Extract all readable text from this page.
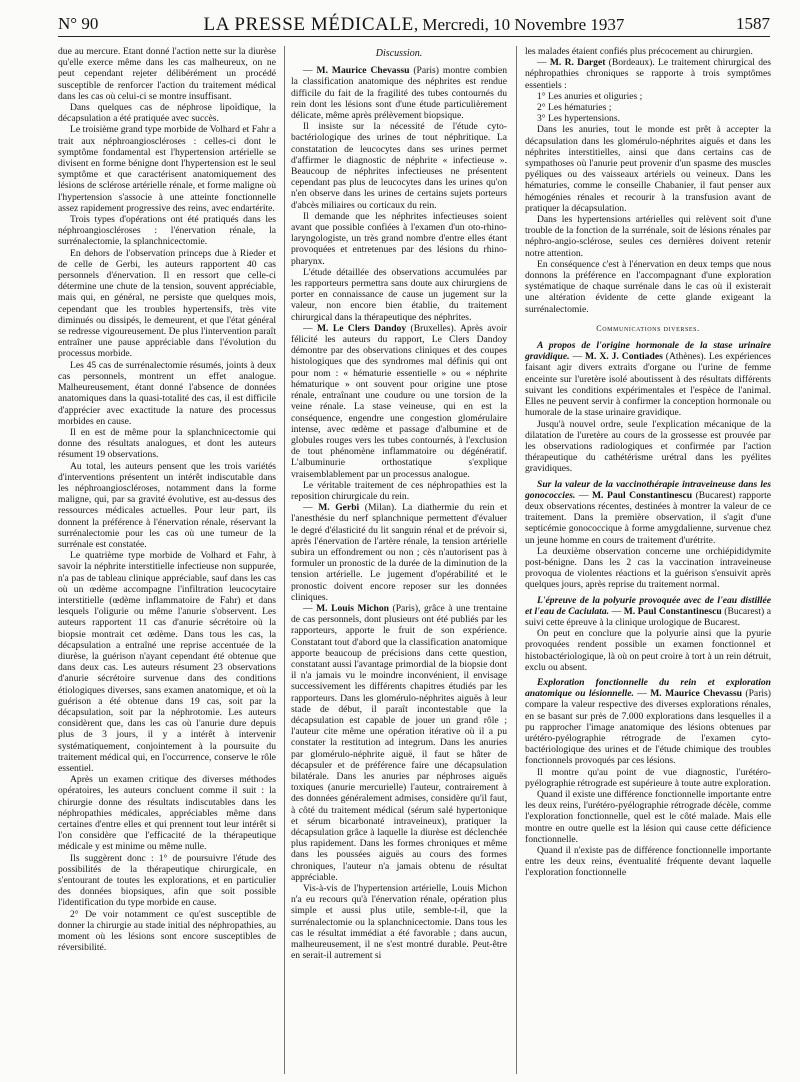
N° 90	LA PRESSE MÉDICALE, Mercredi, 10 Novembre 1937	1587

due au mercure. Etant donné l'action nette sur la diurèse qu'elle exerce même dans les cas malheureux, on ne peut cependant rejeter délibérément un procédé susceptible de renforcer l'action du traitement médical dans les cas où celui-ci se montre insuffisant.

Dans quelques cas de néphrose lipoïdique, la décapsulation a été pratiquée avec succès.

Le troisième grand type morbide de Volhard et Fahr a trait aux néphroangioscléroses : celles-ci dont le symptôme fondamental est l'hypertension artérielle se divisent en forme bénigne dont l'hypertension est le seul symptôme et que caractérisent anatomiquement des lésions de sclérose artérielle rénale, et forme maligne où l'hypertension s'associe à une atteinte fonctionnelle assez rapidement progressive des reins, avec endartérite.

Trois types d'opérations ont été pratiqués dans les néphroangioscléroses : l'énervation rénale, la surrénalectomie, la splanchnicectomie.

En dehors de l'observation princeps due à Rieder et de celle de Gerbi, les auteurs rapportent 40 cas personnels d'énervation. Il en ressort que celle-ci détermine une chute de la tension, souvent appréciable, mais qui, en général, ne persiste que quelques mois, cependant que les troubles hypertensifs, très vite diminués ou dissipés, le demeurent, et que l'état général se redresse vigoureusement. De plus l'intervention paraît entraîner une pause appréciable dans l'évolution du processus morbide.

Les 45 cas de surrénalectomie résumés, joints à deux cas personnels, montrent un effet analogue. Malheureusement, étant donné l'absence de données anatomiques dans la quasi-totalité des cas, il est difficile d'apprécier avec exactitude la nature des processus morbides en cause.

Il en est de même pour la splanchnicectomie qui donne des résultats analogues, et dont les auteurs résument 19 observations.

Au total, les auteurs pensent que les trois variétés d'interventions présentent un intérêt indiscutable dans les néphroangioscléroses, notamment dans la forme maligne, qui, par sa gravité évolutive, est au-dessus des ressources médicales actuelles. Pour leur part, ils donnent la préférence à l'énervation rénale, réservant la surrénalectomie pour les cas où une tumeur de la surrénale est constatée.

Le quatrième type morbide de Volhard et Fahr, à savoir la néphrite interstitielle infectieuse non suppurée, n'a pas de tableau clinique appréciable, sauf dans les cas où un œdème accompagne l'infiltration leucocytaire interstitielle (œdème inflammatoire de Fahr) et dans lesquels l'oligurie ou même l'anurie s'observent. Les auteurs rapportent 11 cas d'anurie sécrétoire où la biopsie montrait cet œdème. Dans tous les cas, la décapsulation a entraîné une reprise accentuée de la diurèse, la guérison n'ayant cependant été obtenue que dans deux cas. Les auteurs résument 23 observations d'anurie sécrétoire survenue dans des conditions étiologiques diverses, sans examen anatomique, et où la guérison a été obtenue dans 19 cas, soit par la décapsulation, soit par la néphrotomie. Les auteurs considèrent que, dans les cas où l'anurie dure depuis plus de 3 jours, il y a intérêt à intervenir systématiquement, conjointement à la poursuite du traitement médical qui, en l'occurrence, conserve le rôle essentiel.

Après un examen critique des diverses méthodes opératoires, les auteurs concluent comme il suit : la chirurgie donne des résultats indiscutables dans les néphropathies médicales, appréciables même dans certaines d'entre elles et qui prennent tout leur intérêt si l'on considère que l'efficacité de la thérapeutique médicale y est minime ou même nulle.

Ils suggèrent donc : 1° de poursuivre l'étude des possibilités de la thérapeutique chirurgicale, en s'entourant de toutes les explorations, et en particulier des données biopsiques, afin que soit possible l'identification du type morbide en cause.

2° De voir notamment ce qu'est susceptible de donner la chirurgie au stade initial des néphropathies, au moment où les lésions sont encore susceptibles de réversibilité.

Discussion.

— M. Maurice Chevassu (Paris) montre combien la classification anatomique des néphrites est rendue difficile du fait de la fragilité des tubes contournés du rein dont les lésions sont d'une étude particulièrement délicate, même après prélèvement biopsique.

Il insiste sur la nécessité de l'étude cyto-bactériologique des urines de tout néphritique. La constatation de leucocytes dans ses urines permet d'affirmer le diagnostic de néphrite « infectieuse ». Beaucoup de néphrites infectieuses ne présentent cependant pas plus de leucocytes dans les urines qu'on n'en observe dans les urines de certains sujets porteurs d'abcès miliaires ou corticaux du rein.

Il demande que les néphrites infectieuses soient avant que possible confiées à l'examen d'un oto-rhino-laryngologiste, un très grand nombre d'entre elles étant provoquées et entretenues par des lésions du rhino-pharynx.

L'étude détaillée des observations accumulées par les rapporteurs permettra sans doute aux chirurgiens de porter en connaissance de cause un jugement sur la valeur, non encore bien établie, du traitement chirurgical dans la thérapeutique des néphrites.

— M. Le Clers Dandoy (Bruxelles). Après avoir félicité les auteurs du rapport, Le Clers Dandoy démontre par des observations cliniques et des coupes histologiques que des syndromes mal définis qui ont pour nom : « hématurie essentielle » ou « néphrite hématurique » ont souvent pour origine une ptose rénale, entraînant une coudure ou une torsion de la veine rénale. La stase veineuse, qui en est la conséquence, engendre une congestion glomérulaire intense, avec œdème et passage d'albumine et de globules rouges vers les tubes contournés, à l'exclusion de tout phénomène inflammatoire ou dégénératif. L'albuminurie orthostatique s'explique vraisemblablement par un processus analogue.

Le véritable traitement de ces néphropathies est la reposition chirurgicale du rein.

— M. Gerbi (Milan). La diathermie du rein et l'anesthésie du nerf splanchnique permettent d'évaluer le degré d'élasticité du lit sanguin rénal et de prévoir si, après l'énervation de l'artère rénale, la tension artérielle subira un effondrement ou non ; cès n'autorisent pas à formuler un pronostic de la durée de la diminution de la tension artérielle. Le jugement d'opérabilité et le pronostic doivent encore reposer sur les données cliniques.

— M. Louis Michon (Paris), grâce à une trentaine de cas personnels, dont plusieurs ont été publiés par les rapporteurs, apporte le fruit de son expérience. Constatant tout d'abord que la classification anatomique apporte beaucoup de précisions dans cette question, constatant aussi l'avantage primordial de la biopsie dont il n'a jamais vu le moindre inconvénient, il envisage successivement les différents chapitres étudiés par les rapporteurs. Dans les glomérulo-néphrites aiguës à leur stade de début, il paraît incontestable que la décapsulation est capable de jouer un grand rôle ; l'auteur cite même une opération itérative où il a pu constater la restitution ad integrum. Dans les anuries par glomérulo-néphrite aiguë, il faut se hâter de décapsuler et de préférence faire une décapsulation bilatérale. Dans les anuries par néphroses aiguës toxiques (anurie mercurielle) l'auteur, contrairement à des données généralement admises, considère qu'il faut, à côté du traitement médical (sérum salé hypertonique et sérum bicarbonaté intraveineux), pratiquer la décapsulation grâce à laquelle la diurèse est déclenchée plus rapidement. Dans les formes chroniques et même dans les poussées aiguës au cours des formes chroniques, l'auteur n'a jamais obtenu de résultat appréciable.

Vis-à-vis de l'hypertension artérielle, Louis Michon n'a eu recours qu'à l'énervation rénale, opération plus simple et aussi plus utile, semble-t-il, que la surrénalectomie ou la splanchnicectomie. Dans tous les cas le résultat immédiat a été favorable ; dans aucun, malheureusement, il ne s'est montré durable. Peut-être en serait-il autrement si

les malades étaient confiés plus précocement au chirurgien.

— M. R. Darget (Bordeaux). Le traitement chirurgical des néphropathies chroniques se rapporte à trois symptômes essentiels :

1° Les anuries et oliguries ;

2° Les hématuries ;

3° Les hypertensions.

Dans les anuries, tout le monde est prêt à accepter la décapsulation dans les glomérulo-néphrites aiguës et dans les néphrites interstitielles, ainsi que dans certains cas de sympathoses où l'anurie peut provenir d'un spasme des muscles pyéliques ou des vaisseaux artériels ou veineux. Dans les hématuries, comme le conseille Chabanier, il faut penser aux hémogénies rénales et recourir à la transfusion avant de pratiquer la décapsulation.

Dans les hypertensions artérielles qui relèvent soit d'une trouble de la fonction de la surrénale, soit de lésions rénales par néphro-angio-sclérose, seules ces dernières doivent retenir notre attention.

En conséquence c'est à l'énervation en deux temps que nous donnons la préférence en l'accompagnant d'une exploration systématique de chaque surrénale dans le cas où il existerait une altération évidente de cette glande exigeant la surrénalectomie.

Communications diverses.

A propos de l'origine hormonale de la stase urinaire gravidique. — M. X. J. Contiades (Athènes). Les expériences faisant agir divers extraits d'organe ou l'urine de femme enceinte sur l'uretère isolé aboutissent à des résultats différents suivant les conditions expérimentales et l'espèce de l'animal. Elles ne peuvent servir à confirmer la conception hormonale ou humorale de la stase urinaire gravidique.

Jusqu'à nouvel ordre, seule l'explication mécanique de la dilatation de l'uretère au cours de la grossesse est prouvée par les observations radiologiques et confirmée par l'action thérapeutique du cathétérisme urétral dans les pyélites gravidiques.

Sur la valeur de la vaccinothérapie intraveineuse dans les gonococcies. — M. Paul Constantinescu (Bucarest) rapporte deux observations récentes, destinées à montrer la valeur de ce traitement. Dans la première observation, il s'agit d'une septicémie gonococcique à forme amygdalienne, survenue chez un jeune homme en cours de traitement d'urétrite.

La deuxième observation concerne une orchiépididymite post-bénigne. Dans les 2 cas la vaccination intraveineuse provoqua de violentes réactions et la guérison s'ensuivit après quelques jours, après reprise du traitement normal.

L'épreuve de la polyurie provoquée avec de l'eau distillée et l'eau de Caciulata. — M. Paul Constantinescu (Bucarest) a suivi cette épreuve à la clinique urologique de Bucarest.

On peut en conclure que la polyurie ainsi que la pyurie provoquées rendent possible un examen fonctionnel et histobactériologique, là où on peut croire à tort à un rein détruit, exclu ou absent.

Exploration fonctionnelle du rein et exploration anatomique ou lésionnelle. — M. Maurice Chevassu (Paris) compare la valeur respective des diverses explorations rénales, en se basant sur près de 7.000 explorations dans lesquelles il a pu rapprocher l'image anatomique des lésions obtenues par urétéro-pyélographie rétrograde de l'examen cyto-bactériologique des urines et de l'étude chimique des troubles fonctionnels provoqués par ces lésions.

Il montre qu'au point de vue diagnostic, l'urétéro-pyélographie rétrograde est supérieure à toute autre exploration.

Quand il existe une différence fonctionnelle importante entre les deux reins, l'urétéro-pyélographie rétrograde décèle, comme l'exploration fonctionnelle, quel est le côté malade. Mais elle montre en outre quelle est la lésion qui cause cette déficience fonctionnelle.

Quand il n'existe pas de différence fonctionnelle importante entre les deux reins, éventualité fréquente devant laquelle l'exploration fonctionnelle
